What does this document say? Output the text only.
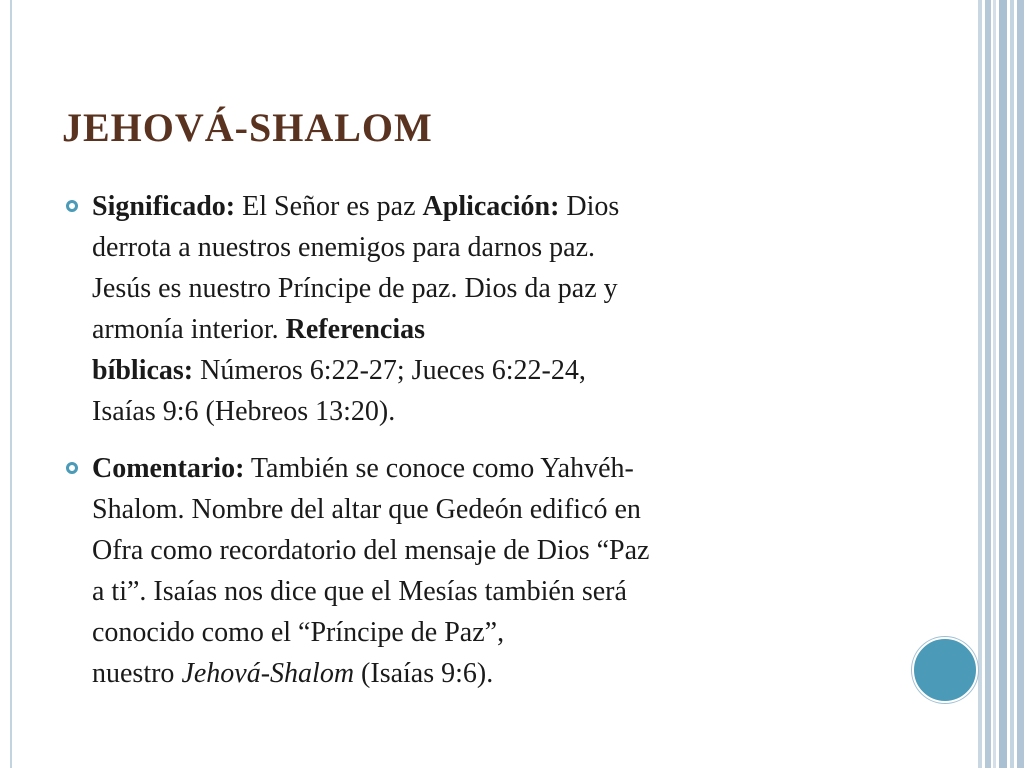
JEHOVÁ-SHALOM
Significado: El Señor es paz Aplicación: Dios
derrota a nuestros enemigos para darnos paz.
Jesús es nuestro Príncipe de paz. Dios da paz y
armonía interior. Referencias
bíblicas: Números 6:22-27; Jueces 6:22-24,
Isaías 9:6 (Hebreos 13:20).
Comentario: También se conoce como Yahvéh-
Shalom. Nombre del altar que Gedeón edificó en
Ofra como recordatorio del mensaje de Dios “Paz
a ti”. Isaías nos dice que el Mesías también será
conocido como el “Príncipe de Paz”,
nuestro Jehová-Shalom (Isaías 9:6).
